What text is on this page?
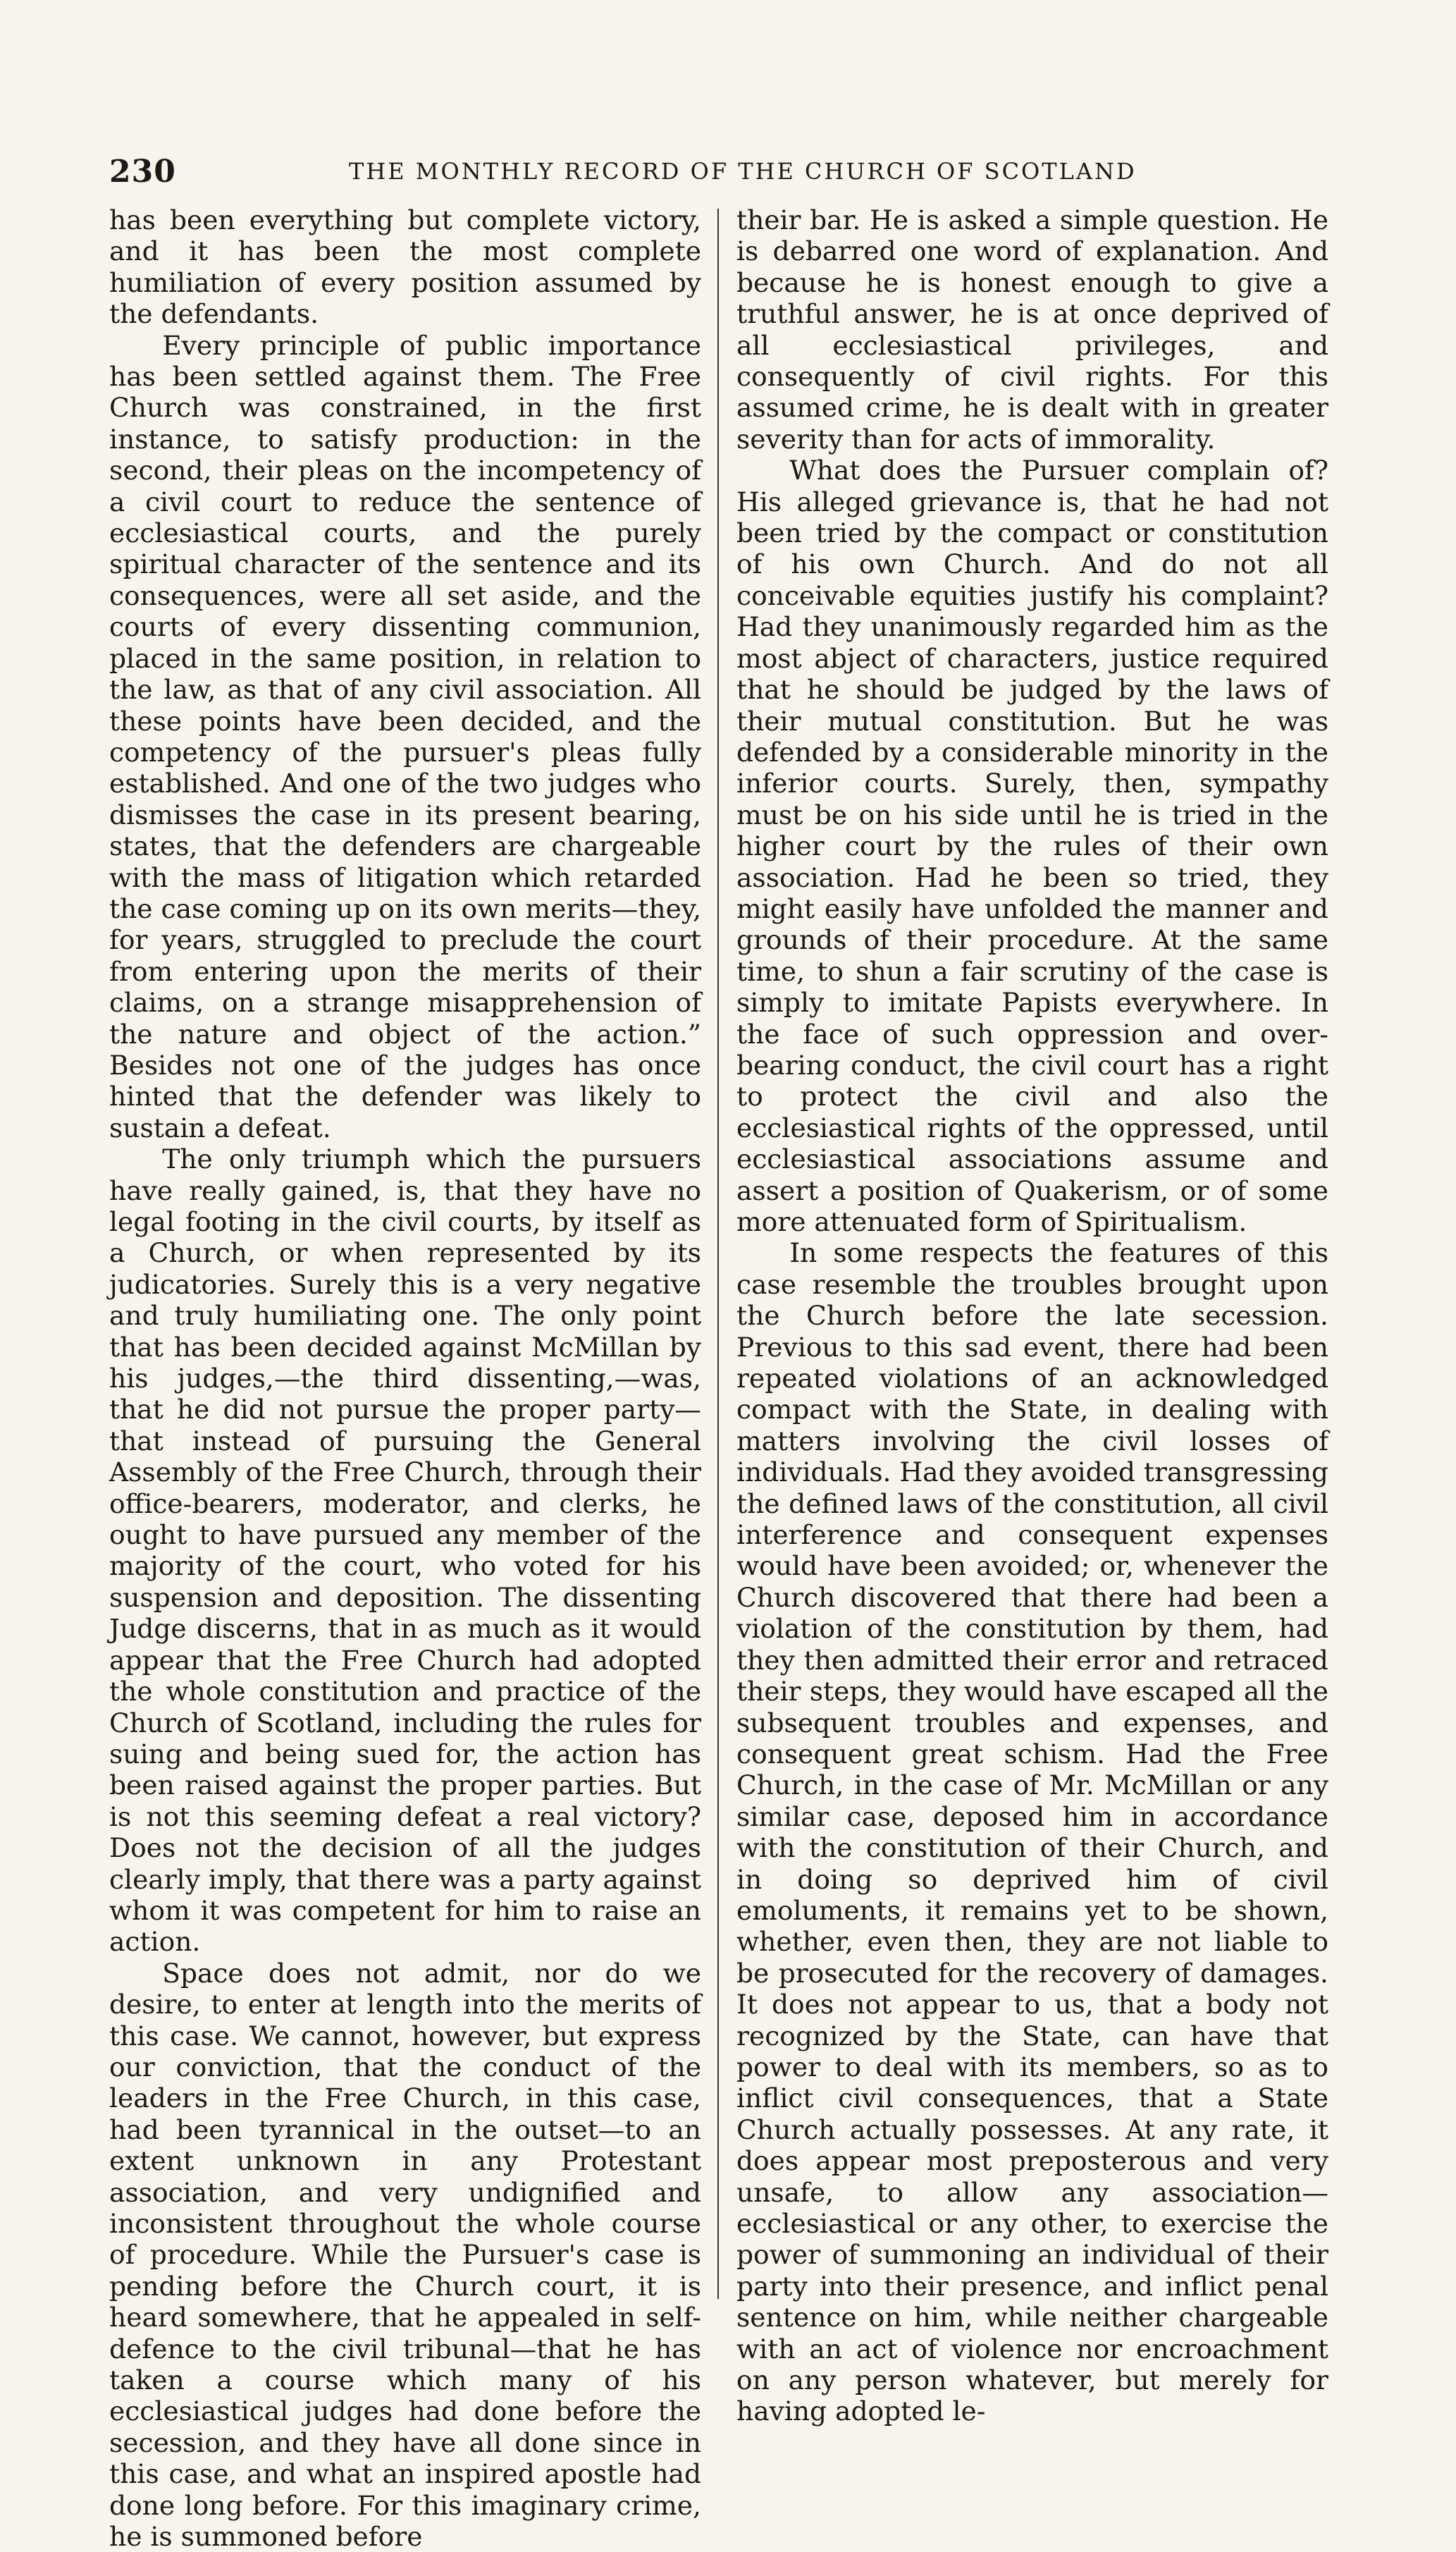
230	THE MONTHLY RECORD OF THE CHURCH OF SCOTLAND

has been everything but complete victory, and it has been the most complete humiliation of every position assumed by the defendants.

Every principle of public importance has been settled against them. The Free Church was constrained, in the first instance, to satisfy production: in the second, their pleas on the incompetency of a civil court to reduce the sentence of ecclesiastical courts, and the purely spiritual character of the sentence and its consequences, were all set aside, and the courts of every dissenting communion, placed in the same position, in relation to the law, as that of any civil association. All these points have been decided, and the competency of the pursuer's pleas fully established. And one of the two judges who dismisses the case in its present bearing, states, that the defenders are chargeable with the mass of litigation which retarded the case coming up on its own merits—they, for years, struggled to preclude the court from entering upon the merits of their claims, on a strange misapprehension of the nature and object of the action.” Besides not one of the judges has once hinted that the defender was likely to sustain a defeat.

The only triumph which the pursuers have really gained, is, that they have no legal footing in the civil courts, by itself as a Church, or when represented by its judicatories. Surely this is a very negative and truly humiliating one. The only point that has been decided against McMillan by his judges,—the third dissenting,—was, that he did not pursue the proper party—that instead of pursuing the General Assembly of the Free Church, through their office-bearers, moderator, and clerks, he ought to have pursued any member of the majority of the court, who voted for his suspension and deposition. The dissenting Judge discerns, that in as much as it would appear that the Free Church had adopted the whole constitution and practice of the Church of Scotland, including the rules for suing and being sued for, the action has been raised against the proper parties. But is not this seeming defeat a real victory? Does not the decision of all the judges clearly imply, that there was a party against whom it was competent for him to raise an action.

Space does not admit, nor do we desire, to enter at length into the merits of this case. We cannot, however, but express our conviction, that the conduct of the leaders in the Free Church, in this case, had been tyrannical in the outset—to an extent unknown in any Protestant association, and very undignified and inconsistent throughout the whole course of procedure. While the Pursuer's case is pending before the Church court, it is heard somewhere, that he appealed in self-defence to the civil tribunal—that he has taken a course which many of his ecclesiastical judges had done before the secession, and they have all done since in this case, and what an inspired apostle had done long before. For this imaginary crime, he is summoned before

their bar. He is asked a simple question. He is debarred one word of explanation. And because he is honest enough to give a truthful answer, he is at once deprived of all ecclesiastical privileges, and consequently of civil rights. For this assumed crime, he is dealt with in greater severity than for acts of immorality.

What does the Pursuer complain of? His alleged grievance is, that he had not been tried by the compact or constitution of his own Church. And do not all conceivable equities justify his complaint? Had they unanimously regarded him as the most abject of characters, justice required that he should be judged by the laws of their mutual constitution. But he was defended by a considerable minority in the inferior courts. Surely, then, sympathy must be on his side until he is tried in the higher court by the rules of their own association. Had he been so tried, they might easily have unfolded the manner and grounds of their procedure. At the same time, to shun a fair scrutiny of the case is simply to imitate Papists everywhere. In the face of such oppression and over-bearing conduct, the civil court has a right to protect the civil and also the ecclesiastical rights of the oppressed, until ecclesiastical associations assume and assert a position of Quakerism, or of some more attenuated form of Spiritualism.

In some respects the features of this case resemble the troubles brought upon the Church before the late secession. Previous to this sad event, there had been repeated violations of an acknowledged compact with the State, in dealing with matters involving the civil losses of individuals. Had they avoided transgressing the defined laws of the constitution, all civil interference and consequent expenses would have been avoided; or, whenever the Church discovered that there had been a violation of the constitution by them, had they then admitted their error and retraced their steps, they would have escaped all the subsequent troubles and expenses, and consequent great schism. Had the Free Church, in the case of Mr. McMillan or any similar case, deposed him in accordance with the constitution of their Church, and in doing so deprived him of civil emoluments, it remains yet to be shown, whether, even then, they are not liable to be prosecuted for the recovery of damages. It does not appear to us, that a body not recognized by the State, can have that power to deal with its members, so as to inflict civil consequences, that a State Church actually possesses. At any rate, it does appear most preposterous and very unsafe, to allow any association—ecclesiastical or any other, to exercise the power of summoning an individual of their party into their presence, and inflict penal sentence on him, while neither chargeable with an act of violence nor encroachment on any person whatever, but merely for having adopted le-
